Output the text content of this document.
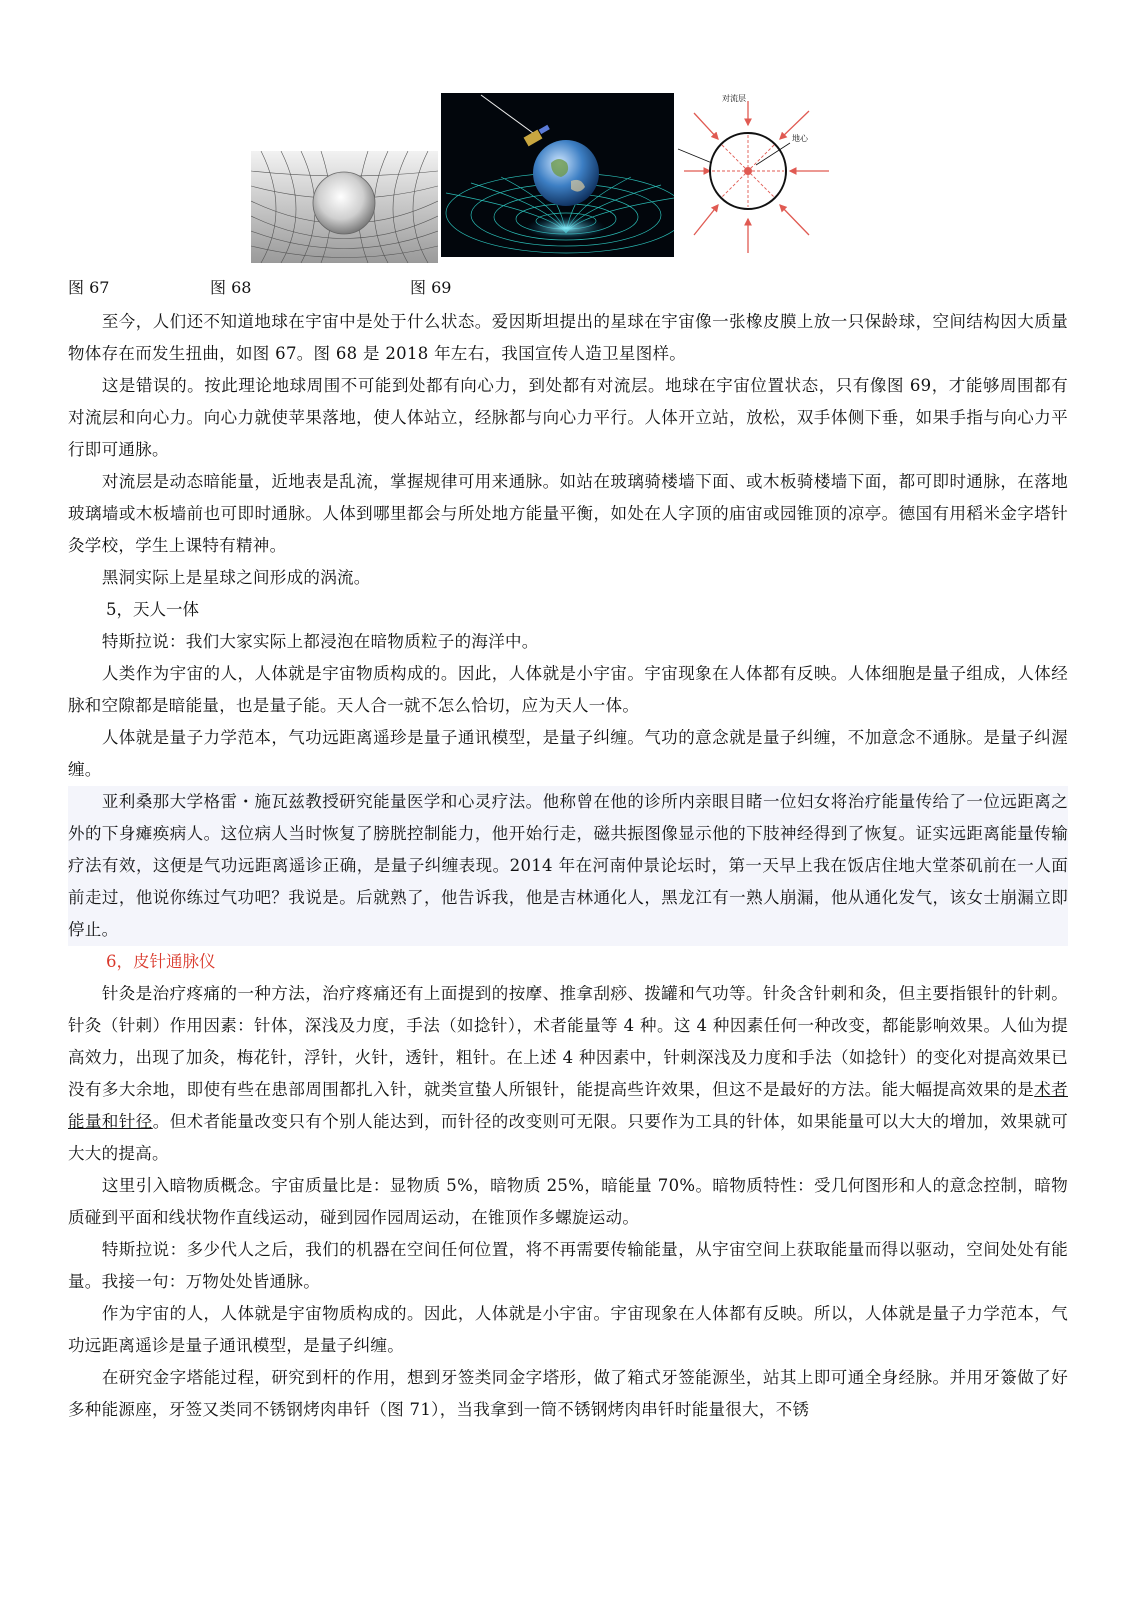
对流层
地心
图 67	图 68	图 69

至今，人们还不知道地球在宇宙中是处于什么状态。爱因斯坦提出的星球在宇宙像一张橡皮膜上放一只保龄球，空间结构因大质量物体存在而发生扭曲，如图 67。图 68 是 2018 年左右，我国宣传人造卫星图样。

这是错误的。按此理论地球周围不可能到处都有向心力，到处都有对流层。地球在宇宙位置状态，只有像图 69，才能够周围都有对流层和向心力。向心力就使苹果落地，使人体站立，经脉都与向心力平行。人体开立站，放松，双手体侧下垂，如果手指与向心力平行即可通脉。

对流层是动态暗能量，近地表是乱流，掌握规律可用来通脉。如站在玻璃骑楼墙下面、或木板骑楼墙下面，都可即时通脉，在落地玻璃墙或木板墙前也可即时通脉。人体到哪里都会与所处地方能量平衡，如处在人字顶的庙宙或园锥顶的凉亭。德国有用稻米金字塔针灸学校，学生上课特有精神。

黑洞实际上是星球之间形成的涡流。

5，天人一体

特斯拉说：我们大家实际上都浸泡在暗物质粒子的海洋中。

人类作为宇宙的人，人体就是宇宙物质构成的。因此，人体就是小宇宙。宇宙现象在人体都有反映。人体细胞是量子组成，人体经脉和空隙都是暗能量，也是量子能。天人合一就不怎么恰切，应为天人一体。

人体就是量子力学范本，气功远距离遥珍是量子通讯模型，是量子纠缠。气功的意念就是量子纠缠，不加意念不通脉。是量子纠渥缠。

亚利桑那大学格雷・施瓦兹教授研究能量医学和心灵疗法。他称曾在他的诊所内亲眼目睹一位妇女将治疗能量传给了一位远距离之外的下身瘫痪病人。这位病人当时恢复了膀胱控制能力，他开始行走，磁共振图像显示他的下肢神经得到了恢复。证实远距离能量传输疗法有效，这便是气功远距离遥诊正确，是量子纠缠表现。2014 年在河南仲景论坛时，第一天早上我在饭店住地大堂茶矶前在一人面前走过，他说你练过气功吧？我说是。后就熟了，他告诉我，他是吉林通化人，黑龙江有一熟人崩漏，他从通化发气，该女士崩漏立即停止。

6，皮针通脉仪

针灸是治疗疼痛的一种方法，治疗疼痛还有上面提到的按摩、推拿刮痧、拨罐和气功等。针灸含针刺和灸，但主要指银针的针刺。针灸（针刺）作用因素：针体，深浅及力度，手法（如捻针），术者能量等 4 种。这 4 种因素任何一种改变，都能影响效果。人仙为提高效力，出现了加灸，梅花针，浮针，火针，透针，粗针。在上述 4 种因素中，针刺深浅及力度和手法（如捻针）的变化对提高效果已没有多大余地，即使有些在患部周围都扎入针，就类宣蛰人所银针，能提高些许效果，但这不是最好的方法。能大幅提高效果的是术者能量和针径。但术者能量改变只有个别人能达到，而针径的改变则可无限。只要作为工具的针体，如果能量可以大大的增加，效果就可大大的提高。

这里引入暗物质概念。宇宙质量比是：显物质 5%，暗物质 25%，暗能量 70%。暗物质特性：受几何图形和人的意念控制，暗物质碰到平面和线状物作直线运动，碰到园作园周运动，在锥顶作多螺旋运动。

特斯拉说：多少代人之后，我们的机器在空间任何位置，将不再需要传输能量，从宇宙空间上获取能量而得以驱动，空间处处有能量。我接一句：万物处处皆通脉。

作为宇宙的人，人体就是宇宙物质构成的。因此，人体就是小宇宙。宇宙现象在人体都有反映。所以，人体就是量子力学范本，气功远距离遥诊是量子通讯模型，是量子纠缠。

在研究金字塔能过程，研究到杆的作用，想到牙签类同金字塔形，做了箱式牙签能源坐，站其上即可通全身经脉。并用牙簽做了好多种能源座，牙签又类同不锈钢烤肉串钎（图 71），当我拿到一筒不锈钢烤肉串钎时能量很大，不锈
